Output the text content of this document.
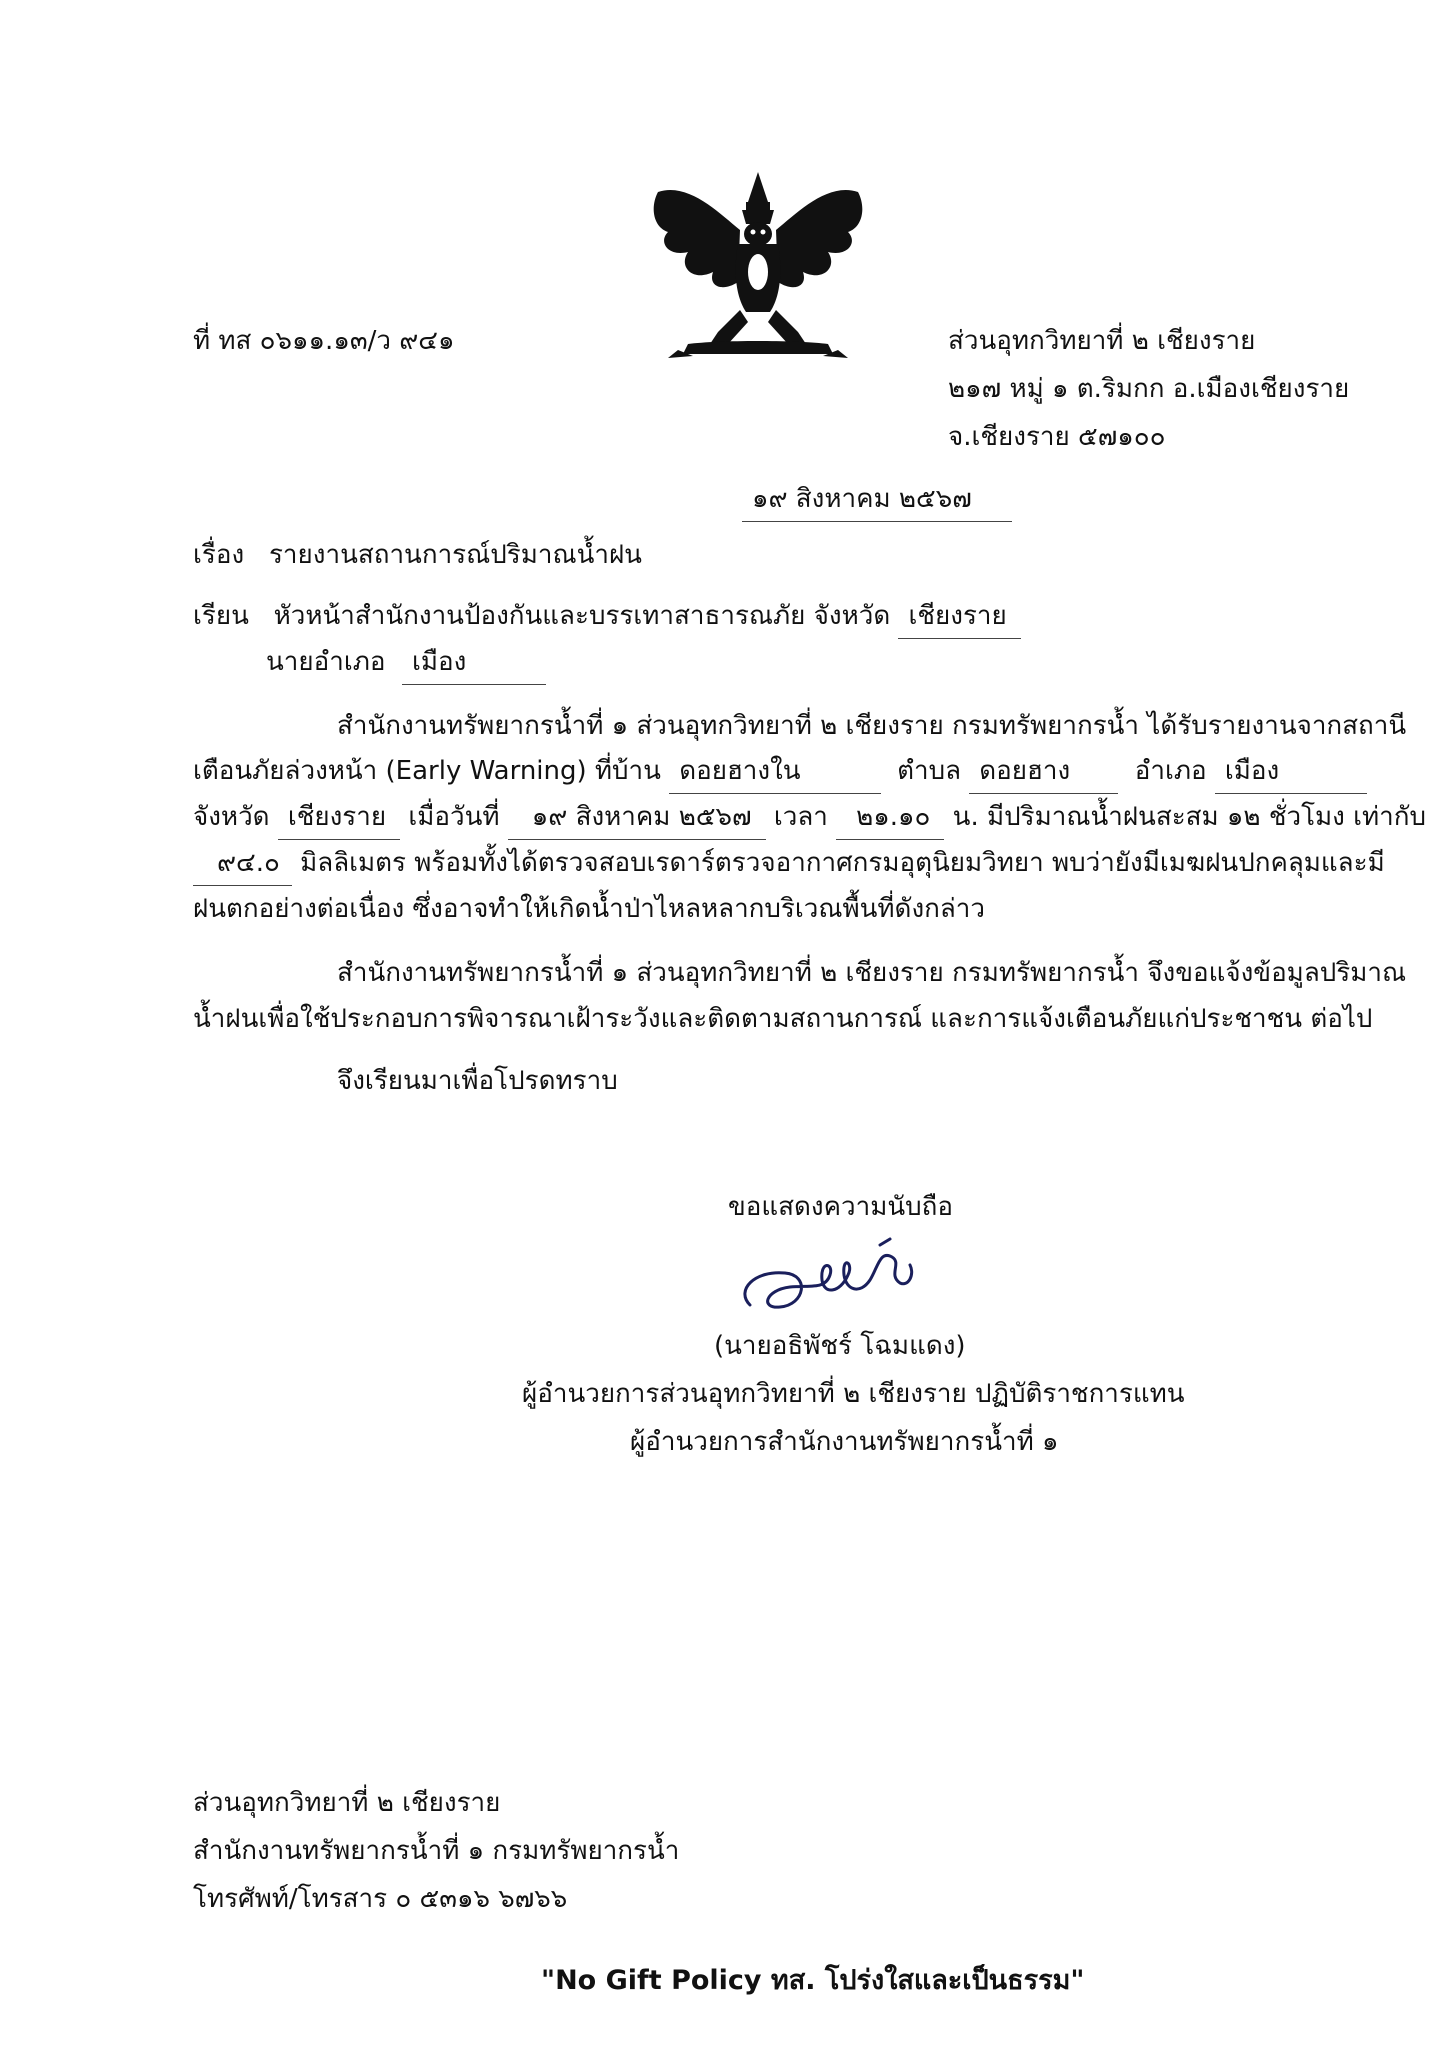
ที่ ทส ๐๖๑๑.๑๓/ว ๙๔๑	ส่วนอุทกวิทยาที่ ๒ เชียงราย
๒๑๗ หมู่ ๑ ต.ริมกก อ.เมืองเชียงราย
จ.เชียงราย ๕๗๑๐๐
๑๙ สิงหาคม ๒๕๖๗
เรื่อง รายงานสถานการณ์ปริมาณน้ำฝน
เรียน หัวหน้าสำนักงานป้องกันและบรรเทาสาธารณภัย จังหวัด เชียงราย
นายอำเภอ เมือง
สำนักงานทรัพยากรน้ำที่ ๑ ส่วนอุทกวิทยาที่ ๒ เชียงราย กรมทรัพยากรน้ำ ได้รับรายงานจากสถานี
เตือนภัยล่วงหน้า (Early Warning) ที่บ้าน ดอยฮางใน	ตำบล ดอยฮาง อำเภอ เมือง
จังหวัด เชียงราย เมื่อวันที่ ๑๙ สิงหาคม ๒๕๖๗ เวลา ๒๑.๑๐ น. มีปริมาณน้ำฝนสะสม ๑๒ ชั่วโมง เท่ากับ
๙๔.๐ มิลลิเมตร พร้อมทั้งได้ตรวจสอบเรดาร์ตรวจอากาศกรมอุตุนิยมวิทยา พบว่ายังมีเมฆฝนปกคลุมและมี
ฝนตกอย่างต่อเนื่อง ซึ่งอาจทำให้เกิดน้ำป่าไหลหลากบริเวณพื้นที่ดังกล่าว
สำนักงานทรัพยากรน้ำที่ ๑ ส่วนอุทกวิทยาที่ ๒ เชียงราย กรมทรัพยากรน้ำ จึงขอแจ้งข้อมูลปริมาณ
น้ำฝนเพื่อใช้ประกอบการพิจารณาเฝ้าระวังและติดตามสถานการณ์ และการแจ้งเตือนภัยแก่ประชาชน ต่อไป
จึงเรียนมาเพื่อโปรดทราบ
ขอแสดงความนับถือ
(นายอธิพัชร์ โฉมแดง)
ผู้อำนวยการส่วนอุทกวิทยาที่ ๒ เชียงราย ปฏิบัติราชการแทน
ผู้อำนวยการสำนักงานทรัพยากรน้ำที่ ๑
ส่วนอุทกวิทยาที่ ๒ เชียงราย
สำนักงานทรัพยากรน้ำที่ ๑ กรมทรัพยากรน้ำ
โทรศัพท์/โทรสาร ๐ ๕๓๑๖ ๖๗๖๖
"No Gift Policy ทส. โปร่งใสและเป็นธรรม"
